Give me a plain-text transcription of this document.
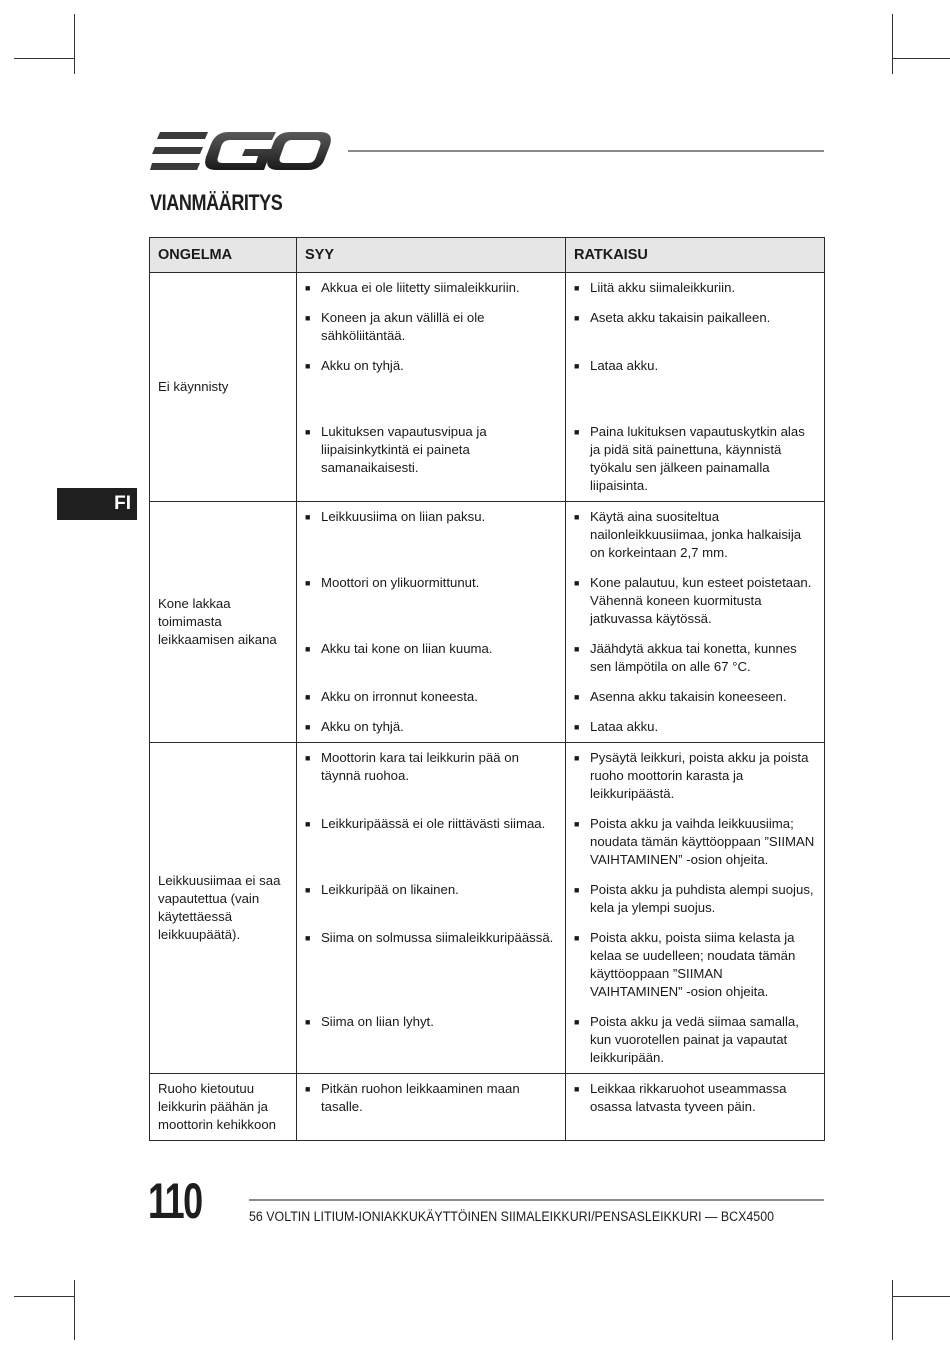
VIANMÄÄRITYS
FI
ONGELMA	SYY	RATKAISU
Ei käynnisty	■ Akkua ei ole liitetty siimaleikkuriin.	■ Liitä akku siimaleikkuriin.

	■ Koneen ja akun välillä ei ole sähköliitäntää.	■ Aseta akku takaisin paikalleen.

	■ Akku on tyhjä.	■ Lataa akku.

	■ Lukituksen vapautusvipua ja liipaisinkytkintä ei paineta samanaikaisesti.	■ Paina lukituksen vapautuskytkin alas ja pidä sitä painettuna, käynnistä työkalu sen jälkeen painamalla liipaisinta.

Kone lakkaa toimimasta leikkaamisen aikana	■ Leikkuusiima on liian paksu.	■ Käytä aina suositeltua nailonleikkuusiimaa, jonka halkaisija on korkeintaan 2,7 mm.

	■ Moottori on ylikuormittunut.	■ Kone palautuu, kun esteet poistetaan. Vähennä koneen kuormitusta jatkuvassa käytössä.

	■ Akku tai kone on liian kuuma.	■ Jäähdytä akkua tai konetta, kunnes sen lämpötila on alle 67 °C.

	■ Akku on irronnut koneesta.	■ Asenna akku takaisin koneeseen.

	■ Akku on tyhjä.	■ Lataa akku.

Leikkuusiimaa ei saa vapautettua (vain käytettäessä leikkuupäätä).	■ Moottorin kara tai leikkurin pää on täynnä ruohoa.	■ Pysäytä leikkuri, poista akku ja poista ruoho moottorin karasta ja leikkuripäästä.

	■ Leikkuripäässä ei ole riittävästi siimaa.	■ Poista akku ja vaihda leikkuusiima; noudata tämän käyttöoppaan ”SIIMAN VAIHTAMINEN” -osion ohjeita.

	■ Leikkuripää on likainen.	■ Poista akku ja puhdista alempi suojus, kela ja ylempi suojus.

	■ Siima on solmussa siimaleikkuripäässä.	■ Poista akku, poista siima kelasta ja kelaa se uudelleen; noudata tämän käyttöoppaan ”SIIMAN VAIHTAMINEN” -osion ohjeita.

	■ Siima on liian lyhyt.	■ Poista akku ja vedä siimaa samalla, kun vuorotellen painat ja vapautat leikkuripään.

Ruoho kietoutuu leikkurin päähän ja moottorin kehikkoon	■ Pitkän ruohon leikkaaminen maan tasalle.	■ Leikkaa rikkaruohot useammassa osassa latvasta tyveen päin.
110	56 VOLTIN LITIUM-IONIAKKUKÄYTTÖINEN SIIMALEIKKURI/PENSASLEIKKURI — BCX4500
